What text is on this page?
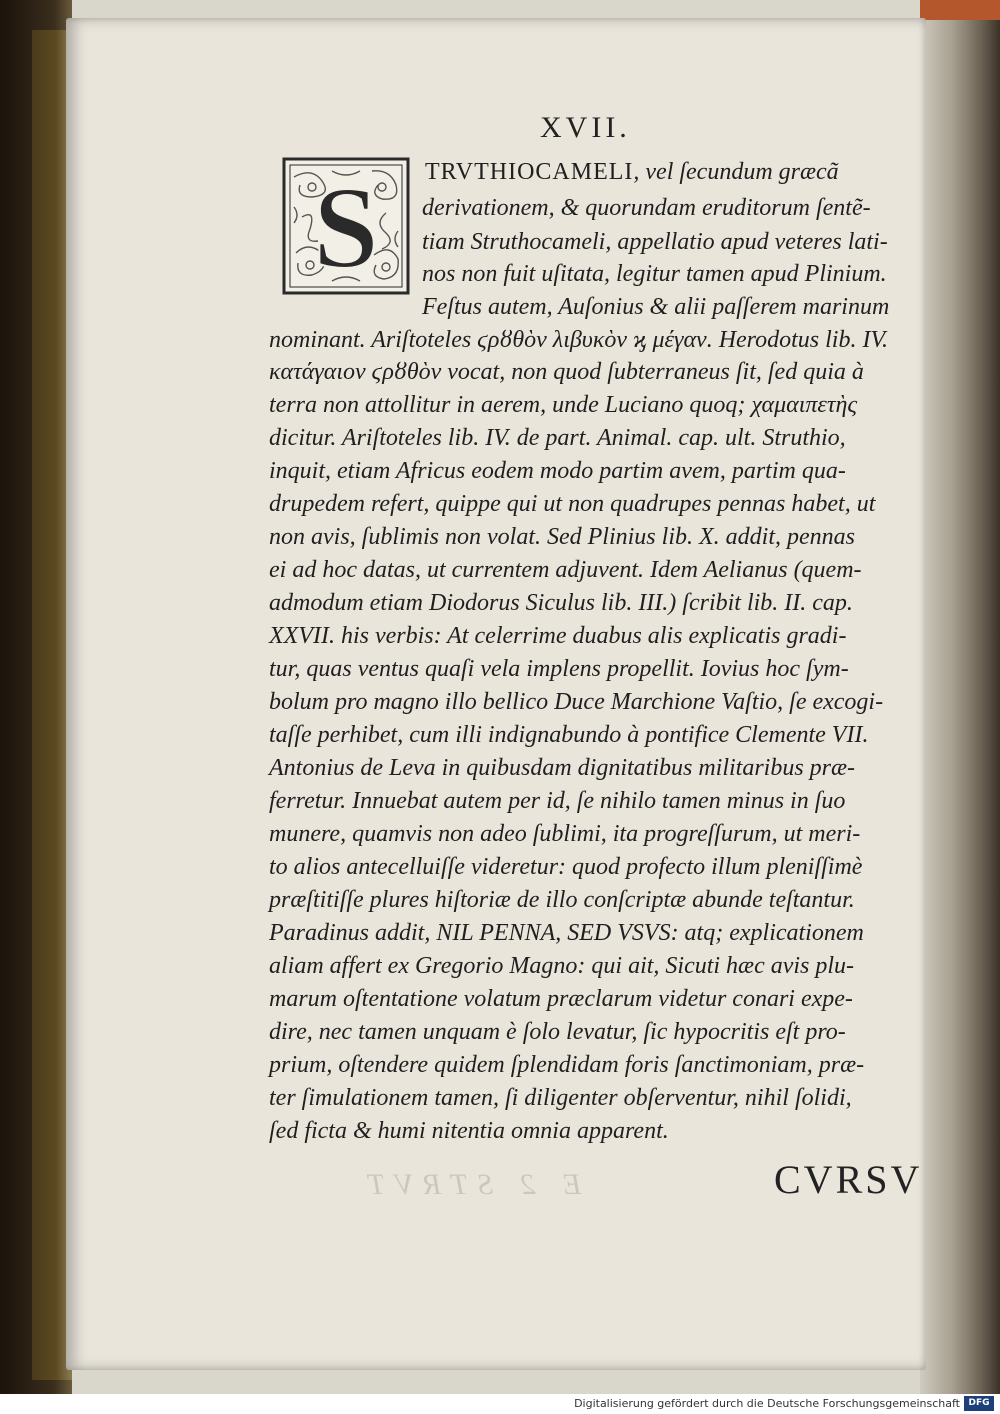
E 2 STRVT
XVII.
S TRVTHIOCAMELI, vel ſecundum græcã
derivationem, & quorundam eruditorum ſentẽ-
tiam Struthocameli, appellatio apud veteres lati-
nos non fuit uſitata, legitur tamen apud Plinium.
Feſtus autem, Auſonius & alii paſſerem marinum
nominant. Ariſtoteles ϛρȣθὸν λιβυκὸν ϗ μέγαν. Herodotus lib. IV.
κατάγαιον ϛρȣθὸν vocat, non quod ſubterraneus ſit, ſed quia à
terra non attollitur in aerem, unde Luciano quoq; χαμαιπετὴς
dicitur. Ariſtoteles lib. IV. de part. Animal. cap. ult. Struthio,
inquit, etiam Africus eodem modo partim avem, partim qua-
drupedem refert, quippe qui ut non quadrupes pennas habet, ut
non avis, ſublimis non volat. Sed Plinius lib. X. addit, pennas
ei ad hoc datas, ut currentem adjuvent. Idem Aelianus (quem-
admodum etiam Diodorus Siculus lib. III.) ſcribit lib. II. cap.
XXVII. his verbis: At celerrime duabus alis explicatis gradi-
tur, quas ventus quaſi vela implens propellit. Iovius hoc ſym-
bolum pro magno illo bellico Duce Marchione Vaſtio, ſe excogi-
taſſe perhibet, cum illi indignabundo à pontifice Clemente VII.
Antonius de Leva in quibusdam dignitatibus militaribus præ-
ferretur. Innuebat autem per id, ſe nihilo tamen minus in ſuo
munere, quamvis non adeo ſublimi, ita progreſſurum, ut meri-
to alios antecelluiſſe videretur: quod profecto illum pleniſſimè
præſtitiſſe plures hiſtoriæ de illo conſcriptæ abunde teſtantur.
Paradinus addit, NIL PENNA, SED VSVS: atq; explicationem
aliam affert ex Gregorio Magno: qui ait, Sicuti hæc avis plu-
marum oſtentatione volatum præclarum videtur conari expe-
dire, nec tamen unquam è ſolo levatur, ſic hypocritis eſt pro-
prium, oſtendere quidem ſplendidam foris ſanctimoniam, præ-
ter ſimulationem tamen, ſi diligenter obſerventur, nihil ſolidi,
ſed ficta & humi nitentia omnia apparent.
CVRSV
Digitalisierung gefördert durch die Deutsche Forschungsgemeinschaft DFG
